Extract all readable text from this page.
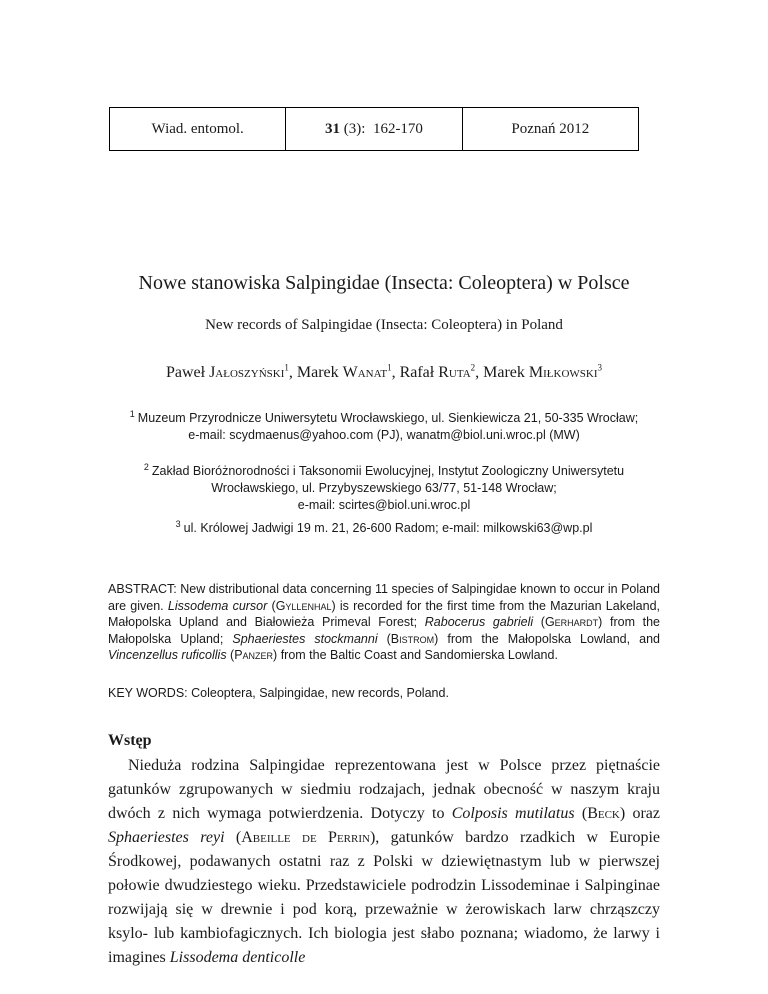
Wiad. entomol.	31 (3):  162-170	Poznań 2012
Nowe stanowiska Salpingidae (Insecta: Coleoptera) w Polsce
New records of Salpingidae (Insecta: Coleoptera) in Poland
Paweł Jałoszyński$^1$, Marek Wanat$^1$, Rafał Ruta$^2$, Marek Miłkowski$^3$
$^1$ Muzeum Przyrodnicze Uniwersytetu Wrocławskiego, ul. Sienkiewicza 21, 50-335 Wrocław;
e-mail: scydmaenus@yahoo.com (PJ), wanatm@biol.uni.wroc.pl (MW)
$^2$ Zakład Bioróżnorodności i Taksonomii Ewolucyjnej, Instytut Zoologiczny Uniwersytetu
Wrocławskiego, ul. Przybyszewskiego 63/77, 51-148 Wrocław;
e-mail: scirtes@biol.uni.wroc.pl
$^3$ ul. Królowej Jadwigi 19 m. 21, 26-600 Radom; e-mail: milkowski63@wp.pl
ABSTRACT: New distributional data concerning 11 species of Salpingidae known to occur in Poland are given. Lissodema cursor (Gyllenhal) is recorded for the first time from the Mazurian Lakeland, Małopolska Upland and Białowieża Primeval Forest; Rabocerus gabrieli (Gerhardt) from the Małopolska Upland; Sphaeriestes stockmanni (Bistrom) from the Małopolska Lowland, and Vincenzellus ruficollis (Panzer) from the Baltic Coast and Sandomierska Lowland.
KEY WORDS: Coleoptera, Salpingidae, new records, Poland.
Wstęp
Nieduża rodzina Salpingidae reprezentowana jest w Polsce przez piętnaście gatunków zgrupowanych w siedmiu rodzajach, jednak obecność w naszym kraju dwóch z nich wymaga potwierdzenia. Dotyczy to Colposis mutilatus (Beck) oraz Sphaeriestes reyi (Abeille de Perrin), gatunków bardzo rzadkich w Europie Środkowej, podawanych ostatni raz z Polski w dziewiętnastym lub w pierwszej połowie dwudziestego wieku. Przedstawiciele podrodzin Lissodeminae i Salpinginae rozwijają się w drewnie i pod korą, przeważnie w żerowiskach larw chrząszczy ksylo- lub kambiofagicznych. Ich biologia jest słabo poznana; wiadomo, że larwy i imagines Lissodema denticolle
